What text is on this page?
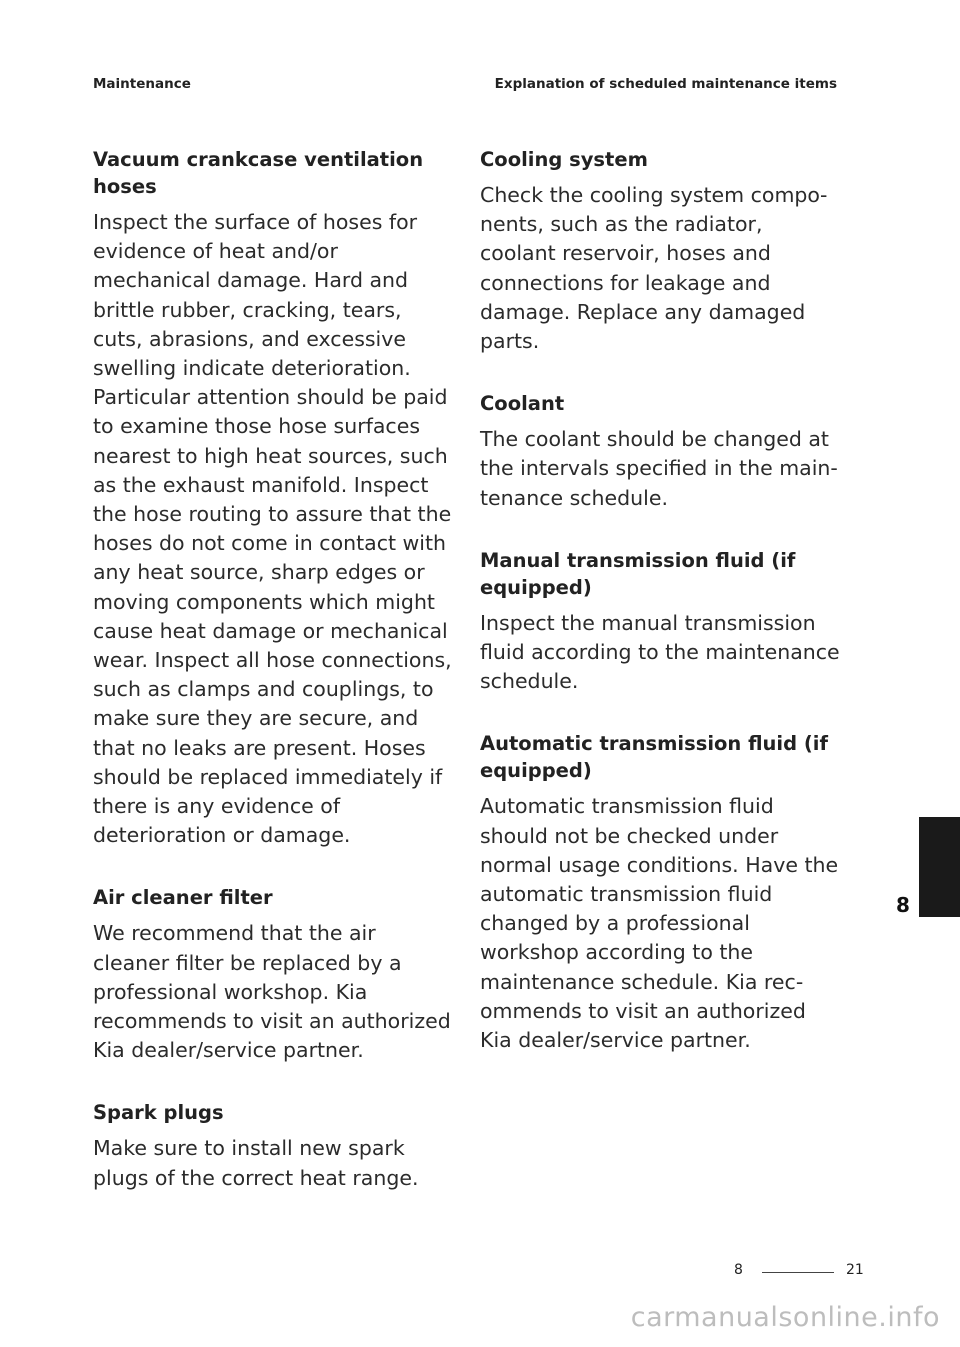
Maintenance	Explanation of scheduled maintenance items
Vacuum crankcase ventilation hoses

Inspect the surface of hoses for evidence of heat and/or mechanical damage. Hard and brittle rubber, cracking, tears, cuts, abrasions, and excessive swelling indicate deterioration. Particular attention should be paid to examine those hose surfaces nearest to high heat sources, such as the exhaust manifold. Inspect the hose routing to assure that the hoses do not come in contact with any heat source, sharp edges or moving components which might cause heat damage or mechanical wear. Inspect all hose connections, such as clamps and couplings, to make sure they are secure, and that no leaks are present. Hoses should be replaced immediately if there is any evidence of deterioration or damage.

Air cleaner filter

We recommend that the air cleaner filter be replaced by a professional workshop. Kia recommends to visit an authorized Kia dealer/service partner.

Spark plugs

Make sure to install new spark plugs of the correct heat range.

Cooling system

Check the cooling system components, such as the radiator, coolant reservoir, hoses and connections for leakage and damage. Replace any damaged parts.

Coolant

The coolant should be changed at the intervals specified in the maintenance schedule.

Manual transmission fluid (if equipped)

Inspect the manual transmission fluid according to the maintenance schedule.

Automatic transmission fluid (if equipped)

Automatic transmission fluid should not be checked under normal usage conditions. Have the automatic transmission fluid changed by a professional workshop according to the maintenance schedule. Kia recommends to visit an authorized Kia dealer/service partner.

8
8	21
carmanualsonline.info
